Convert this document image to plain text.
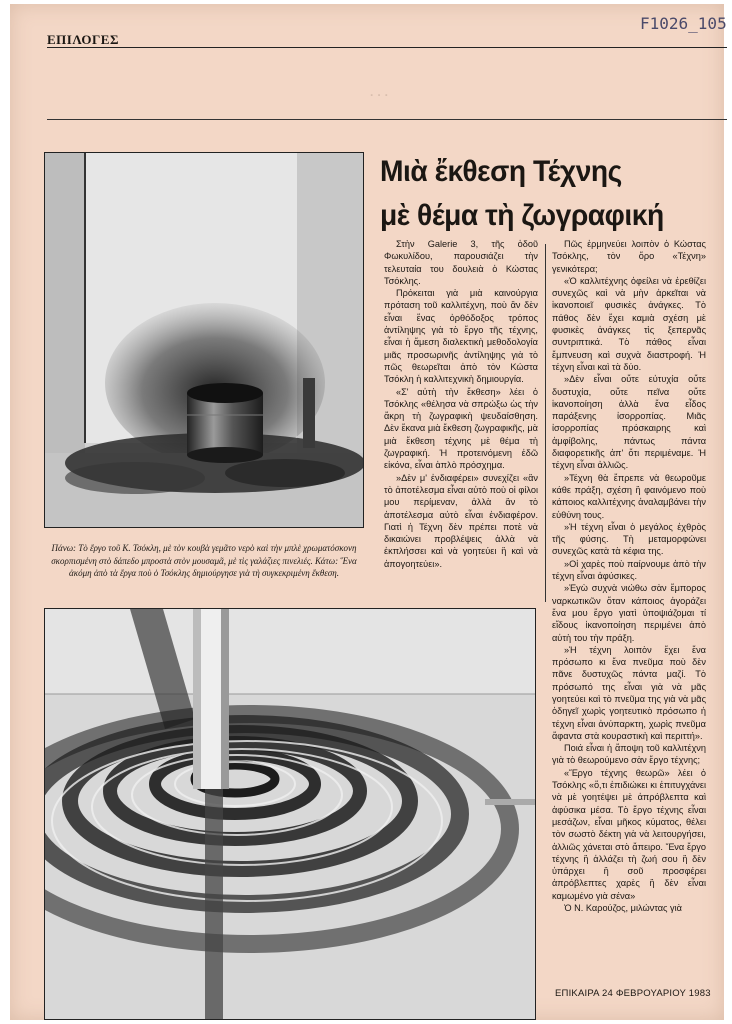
F1026_105
ΕΠΙΛΟΓΕΣ
· · ·
Πάνω: Τὸ ἔργο τοῦ Κ. Τσόκλη, μὲ τὸν κουβὰ γεμᾶτο νερὸ καὶ τὴν μπλὲ χρωματόσκονη σκορπισμένη στὸ δάπεδο μπροστὰ στὸν μουσαμᾶ, μὲ τὶς γαλάζιες πινελιές. Κάτω: Ἕνα ἀκόμη ἀπὸ τὰ ἔργα ποὺ ὁ Τσόκλης δημιούργησε γιὰ τὴ συγκεκριμένη ἔκθεση.
Μιὰ ἔκθεση Τέχνης
μὲ θέμα τὴ ζωγραφική

Στὴν Galerie 3, τῆς ὁδοῦ Φωκυλίδου, παρουσιάζει τὴν τελευταία του δουλειὰ ὁ Κώστας Τσόκλης.

Πρόκειται γιὰ μιὰ καινούργια πρόταση τοῦ καλλιτέχνη, ποὺ ἂν δὲν εἶναι ἕνας ὀρθόδοξος τρόπος ἀντίληψης γιὰ τὸ ἔργο τῆς τέχνης, εἶναι ἡ ἄμεση διαλεκτικὴ μεθοδολογία μιᾶς προσωρινῆς ἀντίληψης γιὰ τὸ πῶς θεωρεῖται ἀπὸ τὸν Κώστα Τσόκλη ἡ καλλιτεχνικὴ δημιουργία.

«Σ' αὐτὴ τὴν ἔκθεση» λέει ὁ Τσόκλης «θέλησα νὰ σπρώξω ὡς τὴν ἄκρη τὴ ζωγραφικὴ ψευδαίσθηση. Δὲν ἔκανα μιὰ ἔκθεση ζωγραφικῆς, μὰ μιὰ ἔκθεση τέχνης μὲ θέμα τὴ ζωγραφική. Ἡ προτεινόμενη ἐδῶ εἰκόνα, εἶναι ἁπλὸ πρόσχημα.

»Δὲν μ' ἐνδιαφέρει» συνεχίζει «ἂν τὸ ἀποτέλεσμα εἶναι αὐτὸ ποὺ οἱ φίλοι μου περίμεναν, ἀλλὰ ἂν τὸ ἀποτέλεσμα αὐτὸ εἶναι ἐνδιαφέρον. Γιατὶ ἡ Τέχνη δὲν πρέπει ποτὲ νὰ δικαιώνει προβλέψεις ἀλλὰ νὰ ἐκπλήσσει καὶ νὰ γοητεύει ἢ καὶ νὰ ἀπογοητεύει».

Πῶς ἑρμηνεύει λοιπὸν ὁ Κώστας Τσόκλης, τὸν ὅρο «Τέχνη» γενικότερα;

«Ὁ καλλιτέχνης ὀφείλει νὰ ἐρεθίζει συνεχῶς καὶ νὰ μὴν ἀρκεῖται νὰ ἱκανοποιεῖ φυσικὲς ἀνάγκες. Τὸ πάθος δὲν ἔχει καμιὰ σχέση μὲ φυσικὲς ἀνάγκες τὶς ξεπερνᾶς συντριπτικά. Τὸ πάθος εἶναι ἔμπνευση καὶ συχνὰ διαστροφή. Ἡ τέχνη εἶναι καὶ τὰ δύο.

»Δὲν εἶναι οὔτε εὐτυχία οὔτε δυστυχία, οὔτε πεῖνα οὔτε ἱκανοποίηση ἀλλὰ ἕνα εἶδος παράξενης ἰσορροπίας. Μιᾶς ἰσορροπίας πρόσκαιρης καὶ ἀμφίβολης, πάντως πάντα διαφορετικῆς ἀπ' ὅτι περιμέναμε. Ἡ τέχνη εἶναι ἀλλιῶς.

»Τέχνη θὰ ἔπρεπε νὰ θεωροῦμε κάθε πράξη, σχέση ἢ φαινόμενο ποὺ κάποιος καλλιτέχνης ἀναλαμβάνει τὴν εὐθύνη τους.

»Ἡ τέχνη εἶναι ὁ μεγάλος ἐχθρὸς τῆς φύσης. Τὴ μεταμορφώνει συνεχῶς κατὰ τὰ κέφια της.

»Οἱ χαρὲς ποὺ παίρνουμε ἀπὸ τὴν τέχνη εἶναι ἀφύσικες.

»Ἐγὼ συχνὰ νιώθω σὰν ἔμπορος ναρκωτικῶν ὅταν κάποιος ἀγοράζει ἕνα μου ἔργο γιατὶ ὑποψιάζομαι τί εἴδους ἱκανοποίηση περιμένει ἀπὸ αὐτὴ του τὴν πράξη.

»Ἡ τέχνη λοιπὸν ἔχει ἕνα πρόσωπο κι ἕνα πνεῦμα ποὺ δὲν πᾶνε δυστυχῶς πάντα μαζί. Τὸ πρόσωπό της εἶναι γιὰ νὰ μᾶς γοητεύει καὶ τὸ πνεῦμα της γιὰ νὰ μᾶς ὁδηγεῖ χωρὶς γοητευτικὸ πρόσωπο ἡ τέχνη εἶναι ἀνύπαρκτη, χωρὶς πνεῦμα ἄφαντα στὰ κουραστικὴ καὶ περιττή».

Ποιά εἶναι ἡ ἄποψη τοῦ καλλιτέχνη γιὰ τὸ θεωρούμενο σὰν ἔργο τέχνης;

«Ἔργο τέχνης θεωρῶ» λέει ὁ Τσόκλης «ὅ,τι ἐπιδιώκει κι ἐπιτυγχάνει νὰ μὲ γοητέψει μὲ ἀπρόβλεπτα καὶ ἀφύσικα μέσα. Τὸ ἔργο τέχνης εἶναι μεσάζων, εἶναι μῆκος κύματος, θέλει τὸν σωστὸ δέκτη γιὰ νὰ λειτουργήσει, ἀλλιῶς χάνεται στὸ ἄπειρο. Ἕνα ἔργο τέχνης ἢ ἀλλάζει τὴ ζωή σου ἢ δὲν ὑπάρχει ἢ σοῦ προσφέρει ἀπρόβλεπτες χαρὲς ἢ δὲν εἶναι καμωμένο γιὰ σένα»

Ὁ Ν. Καρούζος, μιλώντας γιὰ

ΕΠΙΚΑΙΡΑ 24 ΦΕΒΡΟΥΑΡΙΟΥ 1983
